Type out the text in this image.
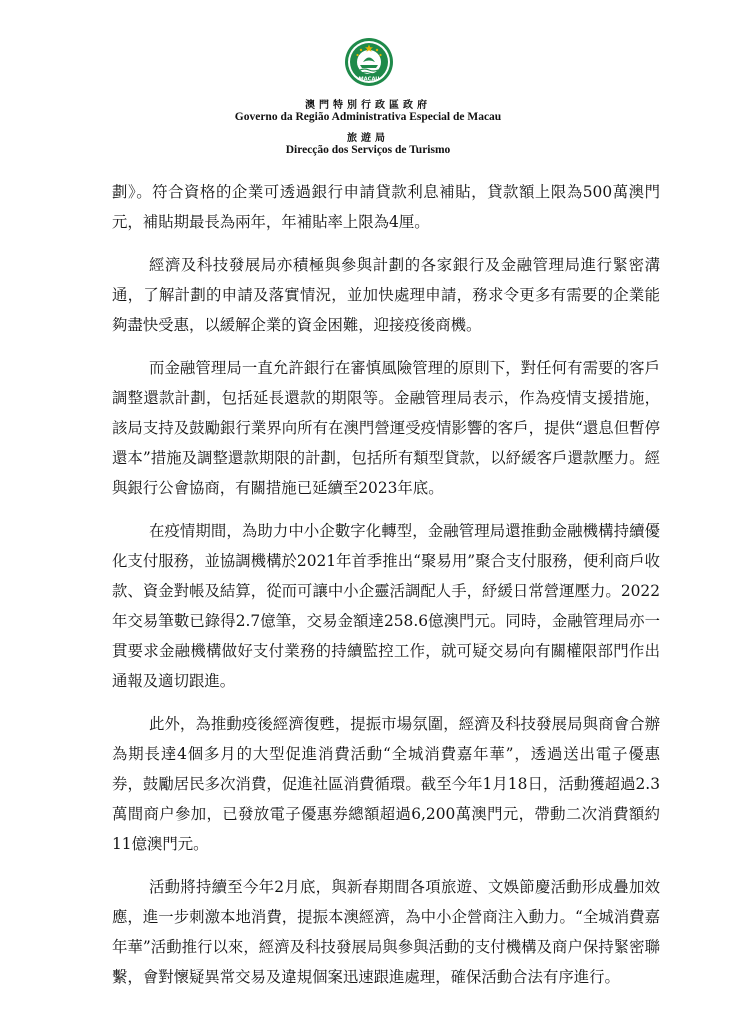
MACAU
澳門特別行政區政府
Governo da Região Administrativa Especial de Macau
旅遊局
Direcção dos Serviços de Turismo

劃》。符合資格的企業可透過銀行申請貸款利息補貼，貸款額上限為500萬澳門元，補貼期最長為兩年，年補貼率上限為4厘。

經濟及科技發展局亦積極與參與計劃的各家銀行及金融管理局進行緊密溝通，了解計劃的申請及落實情況，並加快處理申請，務求令更多有需要的企業能夠盡快受惠，以緩解企業的資金困難，迎接疫後商機。

而金融管理局一直允許銀行在審慎風險管理的原則下，對任何有需要的客戶調整還款計劃，包括延長還款的期限等。金融管理局表示，作為疫情支援措施，該局支持及鼓勵銀行業界向所有在澳門營運受疫情影響的客戶，提供“還息但暫停還本”措施及調整還款期限的計劃，包括所有類型貸款，以紓緩客戶還款壓力。經與銀行公會協商，有關措施已延續至2023年底。

在疫情期間，為助力中小企數字化轉型，金融管理局還推動金融機構持續優化支付服務，並協調機構於2021年首季推出“聚易用”聚合支付服務，便利商戶收款、資金對帳及結算，從而可讓中小企靈活調配人手，紓緩日常營運壓力。2022年交易筆數已錄得2.7億筆，交易金額達258.6億澳門元。同時，金融管理局亦一貫要求金融機構做好支付業務的持續監控工作，就可疑交易向有關權限部門作出通報及適切跟進。

此外，為推動疫後經濟復甦，提振市場氛圍，經濟及科技發展局與商會合辦為期長達4個多月的大型促進消費活動“全城消費嘉年華”，透過送出電子優惠券，鼓勵居民多次消費，促進社區消費循環。截至今年1月18日，活動獲超過2.3萬間商户參加，已發放電子優惠券總額超過6,200萬澳門元，帶動二次消費額約11億澳門元。

活動將持續至今年2月底，與新春期間各項旅遊、文娛節慶活動形成疊加效應，進一步刺激本地消費，提振本澳經濟，為中小企營商注入動力。“全城消費嘉年華”活動推行以來，經濟及科技發展局與參與活動的支付機構及商户保持緊密聯繫，會對懷疑異常交易及違規個案迅速跟進處理，確保活動合法有序進行。
